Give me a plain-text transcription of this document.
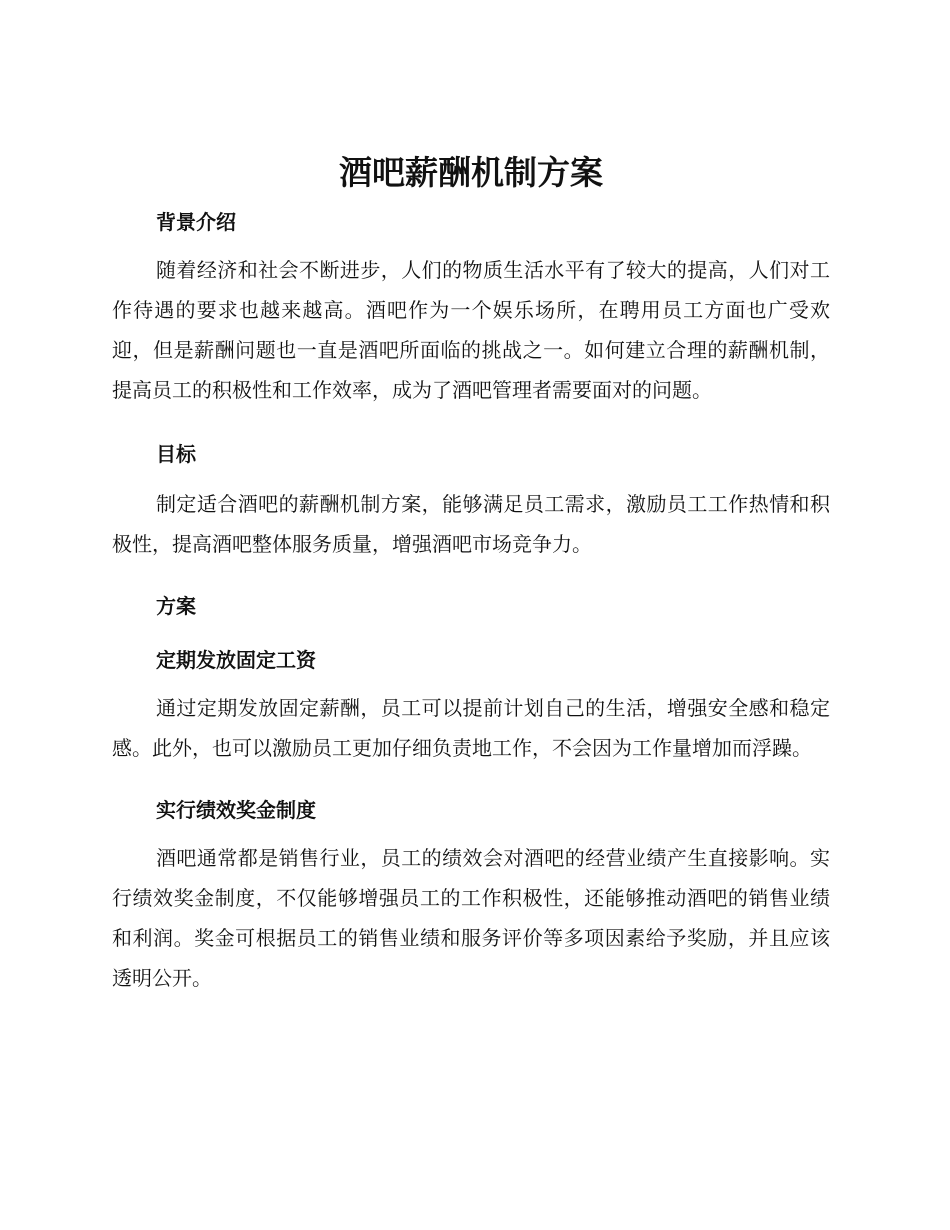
酒吧薪酬机制方案
背景介绍

随着经济和社会不断进步，人们的物质生活水平有了较大的提高，人们对工作待遇的要求也越来越高。酒吧作为一个娱乐场所，在聘用员工方面也广受欢迎，但是薪酬问题也一直是酒吧所面临的挑战之一。如何建立合理的薪酬机制，提高员工的积极性和工作效率，成为了酒吧管理者需要面对的问题。

目标

制定适合酒吧的薪酬机制方案，能够满足员工需求，激励员工工作热情和积极性，提高酒吧整体服务质量，增强酒吧市场竞争力。

方案
定期发放固定工资

通过定期发放固定薪酬，员工可以提前计划自己的生活，增强安全感和稳定感。此外，也可以激励员工更加仔细负责地工作，不会因为工作量增加而浮躁。

实行绩效奖金制度

酒吧通常都是销售行业，员工的绩效会对酒吧的经营业绩产生直接影响。实行绩效奖金制度，不仅能够增强员工的工作积极性，还能够推动酒吧的销售业绩和利润。奖金可根据员工的销售业绩和服务评价等多项因素给予奖励，并且应该透明公开。
